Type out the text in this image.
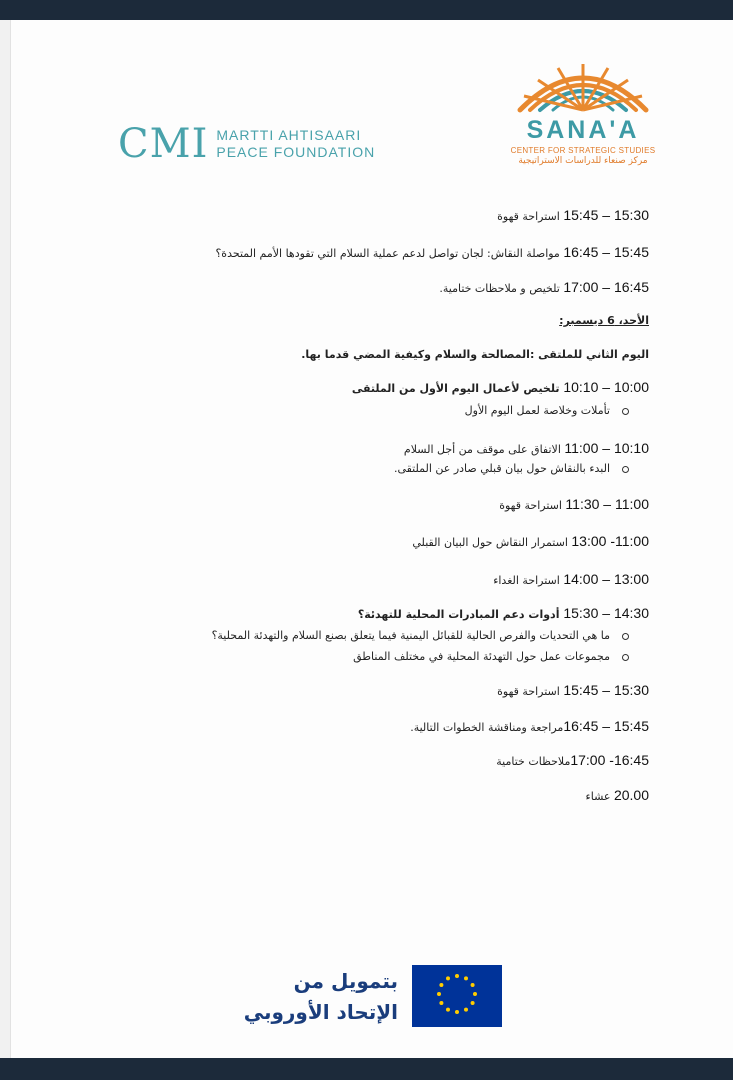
CMI MARTTI AHTISAARI
PEACE FOUNDATION
SANA'A
CENTER FOR STRATEGIC STUDIES
مركز صنعاء للدراسات الاستراتيجية
15:30 – 15:45 استراحة قهوة
15:45 – 16:45 مواصلة النقاش: لجان تواصل لدعم عملية السلام التي تقودها الأمم المتحدة؟
16:45 – 17:00 تلخيص و ملاحظات ختامية.
الأحد، 6 ديسمبر:
اليوم الثاني للملتقى :المصالحة والسلام وكيفية المضي قدما بها.
10:00 – 10:10 تلخيص لأعمال اليوم الأول من الملتقى
تأملات وخلاصة لعمل اليوم الأول
10:10 – 11:00 الاتفاق على موقف من أجل السلام
البدء بالنقاش حول بيان قبلي صادر عن الملتقى.
11:00 – 11:30 استراحة قهوة
11:00- 13:00 استمرار النقاش حول البيان القبلي
13:00 – 14:00 استراحة الغداء
14:30 – 15:30 أدوات دعم المبادرات المحلية للتهدئة؟
ما هي التحديات والفرص الحالية للقبائل اليمنية فيما يتعلق بصنع السلام والتهدئة المحلية؟
مجموعات عمل حول التهدئة المحلية في مختلف المناطق
15:30 – 15:45 استراحة قهوة
15:45 – 16:45مراجعة ومناقشة الخطوات التالية.
16:45- 17:00ملاحظات ختامية
20.00 عشاء
بتمويل من
الإتحاد الأوروبي
